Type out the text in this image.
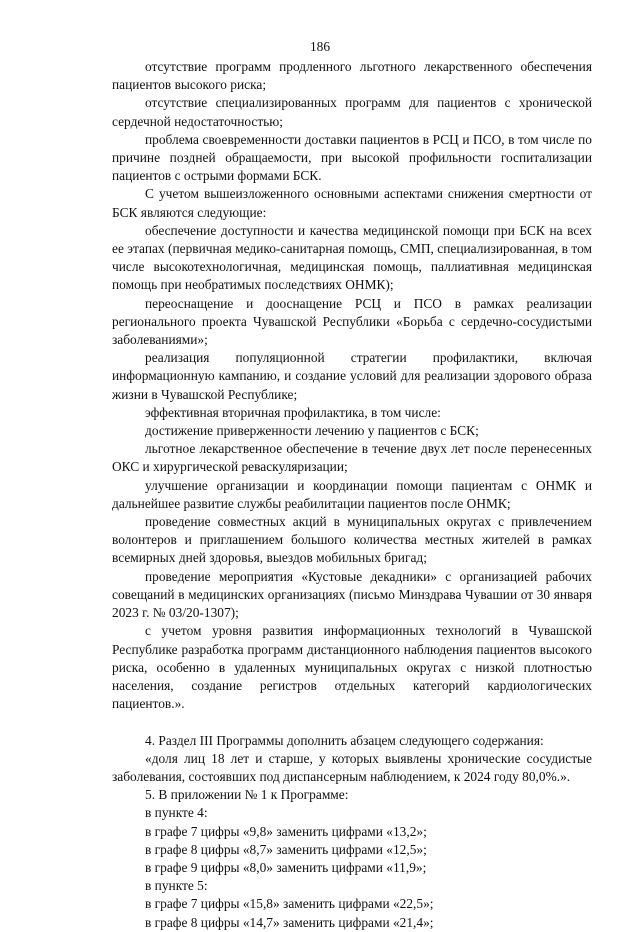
186

отсутствие программ продленного льготного лекарственного обеспечения пациентов высокого риска;

отсутствие специализированных программ для пациентов с хронической сердечной недостаточностью;

проблема своевременности доставки пациентов в РСЦ и ПСО, в том числе по причине поздней обращаемости, при высокой профильности госпитализации пациентов с острыми формами БСК.

С учетом вышеизложенного основными аспектами снижения смертности от БСК являются следующие:

обеспечение доступности и качества медицинской помощи при БСК на всех ее этапах (первичная медико-санитарная помощь, СМП, специализированная, в том числе высокотехнологичная, медицинская помощь, паллиативная медицинская помощь при необратимых последствиях ОНМК);

переоснащение и дооснащение РСЦ и ПСО в рамках реализации регионального проекта Чувашской Республики «Борьба с сердечно-сосудистыми заболеваниями»;

реализация популяционной стратегии профилактики, включая информационную кампанию, и создание условий для реализации здорового образа жизни в Чувашской Республике;

эффективная вторичная профилактика, в том числе:

достижение приверженности лечению у пациентов с БСК;

льготное лекарственное обеспечение в течение двух лет после перенесенных ОКС и хирургической реваскуляризации;

улучшение организации и координации помощи пациентам с ОНМК и дальнейшее развитие службы реабилитации пациентов после ОНМК;

проведение совместных акций в муниципальных округах с привлечением волонтеров и приглашением большого количества местных жителей в рамках всемирных дней здоровья, выездов мобильных бригад;

проведение мероприятия «Кустовые декадники» с организацией рабочих совещаний в медицинских организациях (письмо Минздрава Чувашии от 30 января 2023 г. № 03/20-1307);

с учетом уровня развития информационных технологий в Чувашской Республике разработка программ дистанционного наблюдения пациентов высокого риска, особенно в удаленных муниципальных округах с низкой плотностью населения, создание регистров отдельных категорий кардиологических пациентов.».

4. Раздел III Программы дополнить абзацем следующего содержания:

«доля лиц 18 лет и старше, у которых выявлены хронические сосудистые заболевания, состоявших под диспансерным наблюдением, к 2024 году 80,0%.».

5. В приложении № 1 к Программе:

в пункте 4:

в графе 7 цифры «9,8» заменить цифрами «13,2»;

в графе 8 цифры «8,7» заменить цифрами «12,5»;

в графе 9 цифры «8,0» заменить цифрами «11,9»;

в пункте 5:

в графе 7 цифры «15,8» заменить цифрами «22,5»;

в графе 8 цифры «14,7» заменить цифрами «21,4»;
